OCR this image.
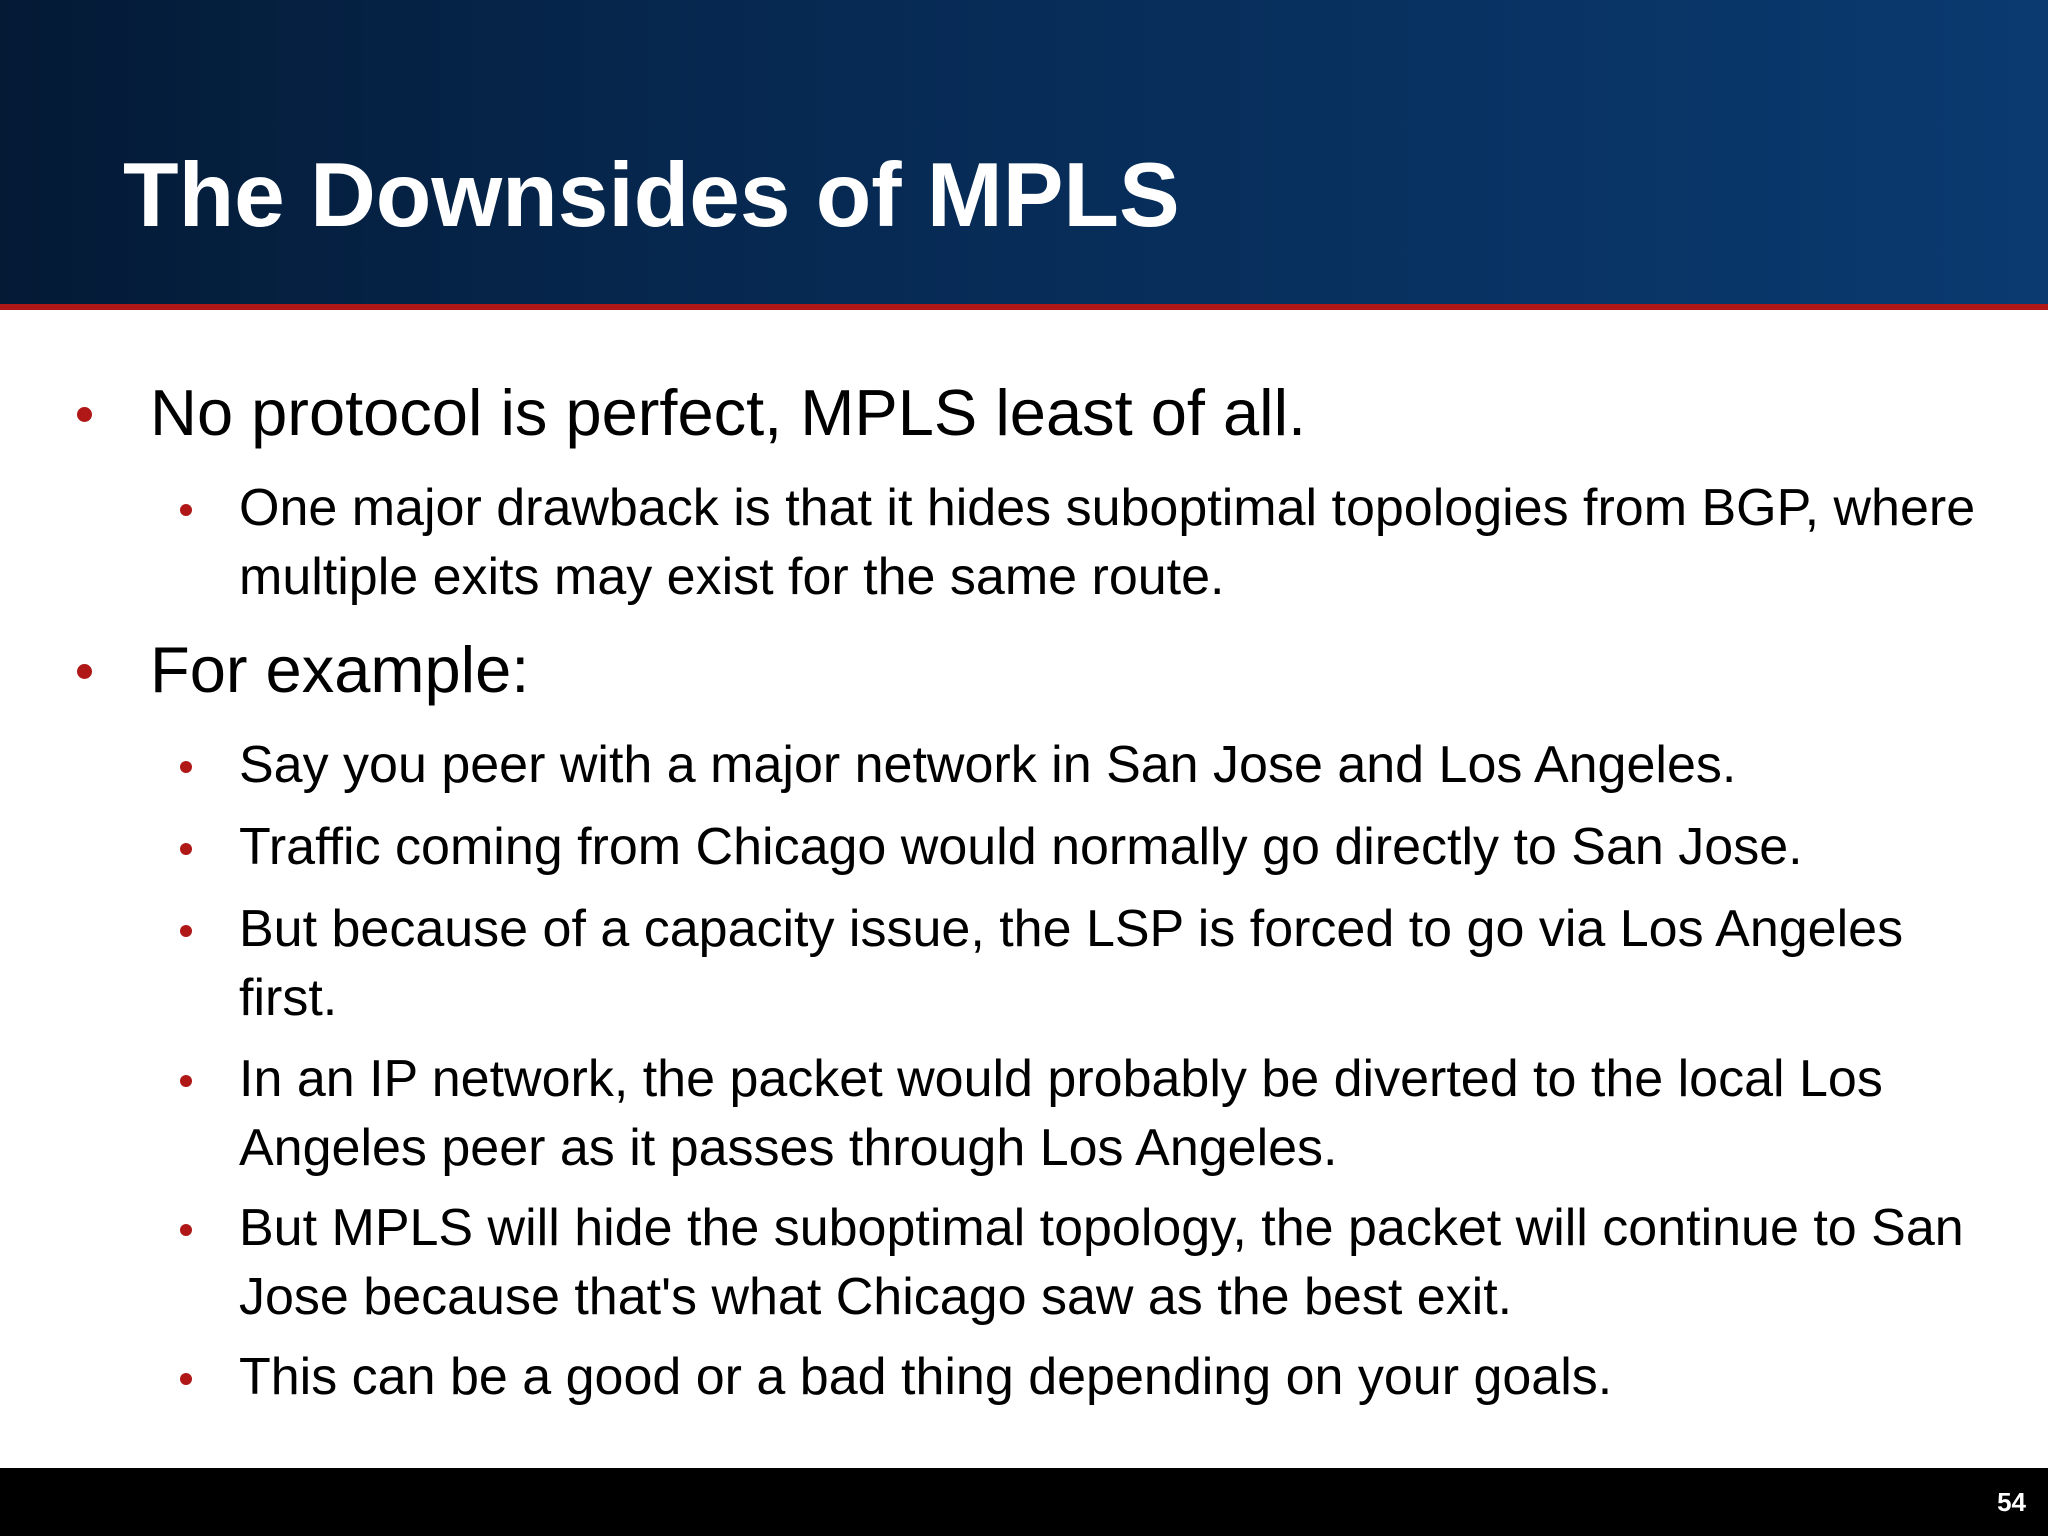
The Downsides of MPLS
No protocol is perfect, MPLS least of all.
One major drawback is that it hides suboptimal topologies from BGP, where multiple exits may exist for the same route.
For example:
Say you peer with a major network in San Jose and Los Angeles.
Traffic coming from Chicago would normally go directly to San Jose.
But because of a capacity issue, the LSP is forced to go via Los Angeles first.
In an IP network, the packet would probably be diverted to the local Los Angeles peer as it passes through Los Angeles.
But MPLS will hide the suboptimal topology, the packet will continue to San Jose because that's what Chicago saw as the best exit.
This can be a good or a bad thing depending on your goals.
54
